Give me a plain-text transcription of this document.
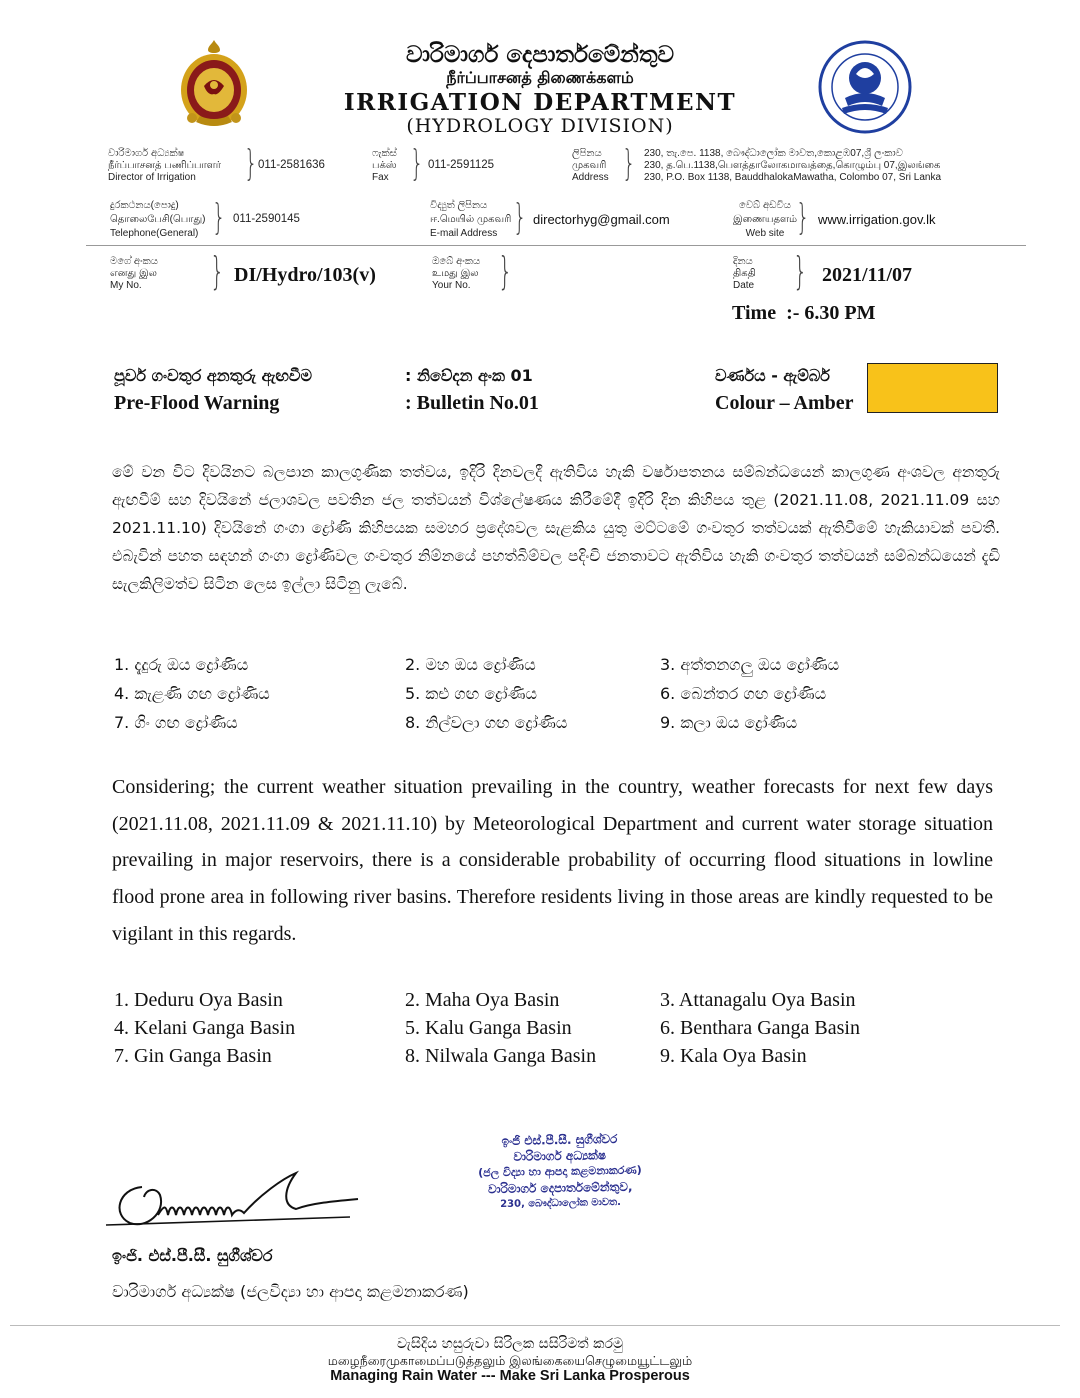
වාරිමාර්ග දෙපාර්තමේන්තුව
நீர்ப்பாசனத் திணைக்களம்
IRRIGATION DEPARTMENT
(HYDROLOGY DIVISION)
වාරිමාර්ග අධ්‍යක්ෂ
நீர்ப்பாசனத் பணிப்பாளர்
Director of Irrigation	} 011-2581636
ෆැක්ස්
பக்ஸ்
Fax } 011-2591125
ලිපිනය
முகவரி
Address } 230, තැ.පෙ. 1138, බෞද්ධාලෝක මාවත,කොළඹ07,ශ්‍රී ලංකාව
230, த.பெ.1138,பௌத்தாலோகமாவத்தை,கொழும்பு 07,இலங்கை
230, P.O. Box 1138, BauddhalokaMawatha, Colombo 07, Sri Lanka
දුරකථනය(පොදු)
தொலைபேசி(பொது)
Telephone(General) } 011-2590145
විද්‍යුත් ලිපිනය
ஈ.மெயில் முகவரி
E-mail Address } directorhyg@gmail.com
වෙබ් අඩවිය
இணையதளம்
Web site } www.irrigation.gov.lk
මගේ අංකය
எனது இல
My No.	} DI/Hydro/103(v)
ඔබේ අංකය
உமது இல
Your No. }	දිනය
திகதி
Date	} 2021/11/07
Time  :- 6.30 PM
පූර්ව ගංවතුර අනතුරු ඇඟවීම
Pre-Flood Warning
: නිවේදන අංක 01
: Bulletin No.01
වර්ණය - ඇම්බර්
Colour – Amber
මේ වන විට දිවයිනට බලපාන කාලගුණික තත්වය, ඉදිරි දිනවලදී ඇතිවිය හැකි වර්ෂාපතනය සම්බන්ධයෙන් කාලගුණ අංශවල අනතුරු ඇඟවීම් සහ දිවයිනේ ජලාශවල පවතින ජල තත්වයන් විශ්ලේෂණය කිරීමේදී ඉදිරි දින කිහිපය තුළ (2021.11.08, 2021.11.09 සහ 2021.11.10) දිවයිනේ ගංගා ද්‍රෝණි කිහිපයක සමහර ප්‍රදේශවල සැළකිය යුතු මට්ටමේ ගංවතුර තත්වයක් ඇතිවීමේ හැකියාවක් පවතී. එබැවින් පහත සඳහන් ගංගා ද්‍රෝණිවල ගංවතුර නිම්නයේ පහත්බිම්වල පදිංචි ජනතාවට ඇතිවිය හැකි ගංවතුර තත්වයන් සම්බන්ධයෙන් දැඩි සැලකිලිමත්ව සිටින ලෙස ඉල්ලා සිටිනු ලැබේ.
1. දැදුරු ඔය ද්‍රෝණිය	2. මහ ඔය ද්‍රෝණිය	3. අත්තනගලු ඔය ද්‍රෝණිය
4. කැළණි ගඟ ද්‍රෝණිය	5. කළු ගඟ ද්‍රෝණිය	6. බෙන්තර ගඟ ද්‍රෝණිය
7. ගිං ගඟ ද්‍රෝණිය	8. නිල්වලා ගඟ ද්‍රෝණිය	9. කලා ඔය ද්‍රෝණිය
Considering; the current weather situation prevailing in the country, weather forecasts for next few days (2021.11.08, 2021.11.09 & 2021.11.10) by Meteorological Department and current water storage situation prevailing in major reservoirs, there is a considerable probability of occurring flood situations in lowline flood prone area in following river basins. Therefore residents living in those areas are kindly requested to be vigilant in this regards.
1. Deduru Oya Basin	2. Maha Oya Basin	3. Attanagalu Oya Basin
4. Kelani Ganga Basin	5. Kalu Ganga Basin	6. Benthara Ganga Basin
7. Gin Ganga Basin	8. Nilwala Ganga Basin	9. Kala Oya Basin
ඉංජි එස්.පී.සී. සුගීශ්වර
වාරිමාර්ග අධ්‍යක්ෂ
(ජල විද්‍යා හා ආපදා කළමනාකරණ)
වාරිමාර්ග දෙපාර්තමේන්තුව,
230, බෞද්ධාලෝක මාවත.
ඉංජි. එස්.පී.සී. සුගීශ්වර
වාරිමාර්ග අධ්‍යක්ෂ (ජලවිද්‍යා හා ආපදා කළමනාකරණ)
වැසිදිය හසුරුවා සිරිලක සසිරිමත් කරමු
மழைநீரைமுகாமைப்படுத்தலும் இலங்கையைசெழுமையூட்டலும்
Managing Rain Water --- Make Sri Lanka Prosperous
